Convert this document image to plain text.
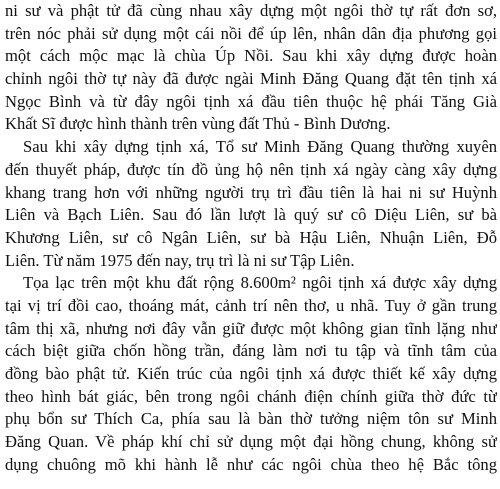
ni sư và phật tử đã cùng nhau xây dựng một ngôi thờ tự rất đơn sơ,
trên nóc phải sử dụng một cái nồi để úp lên, nhân dân địa phương gọi
một cách mộc mạc là chùa Úp Nồi. Sau khi xây dựng được hoàn
chỉnh ngôi thờ tự này đã được ngài Minh Đăng Quang đặt tên tịnh xá
Ngọc Bình và từ đây ngôi tịnh xá đầu tiên thuộc hệ phái Tăng Già
Khất Sĩ được hình thành trên vùng đất Thủ - Bình Dương.
Sau khi xây dựng tịnh xá, Tổ sư Minh Đăng Quang thường xuyên
đến thuyết pháp, được tín đồ ủng hộ nên tịnh xá ngày càng xây dựng
khang trang hơn với những người trụ trì đầu tiên là hai ni sư Huỳnh
Liên và Bạch Liên. Sau đó lần lượt là quý sư cô Diệu Liên, sư bà
Khương Liên, sư cô Ngân Liên, sư bà Hậu Liên, Nhuận Liên, Đỗ
Liên. Từ năm 1975 đến nay, trụ trì là ni sư Tập Liên.
Tọa lạc trên một khu đất rộng 8.600m² ngôi tịnh xá được xây dựng
tại vị trí đồi cao, thoáng mát, cảnh trí nên thơ, u nhã. Tuy ở gần trung
tâm thị xã, nhưng nơi đây vẫn giữ được một không gian tĩnh lặng như
cách biệt giữa chốn hồng trần, đáng làm nơi tu tập và tĩnh tâm của
đồng bào phật tử. Kiến trúc của ngôi tịnh xá được thiết kế xây dựng
theo hình bát giác, bên trong ngôi chánh điện chính giữa thờ đức từ
phụ bổn sư Thích Ca, phía sau là bàn thờ tưởng niệm tôn sư Minh
Đăng Quan. Về pháp khí chỉ sử dụng một đại hồng chung, không sử
dụng chuông mõ khi hành lễ như các ngôi chùa theo hệ Bắc tông
